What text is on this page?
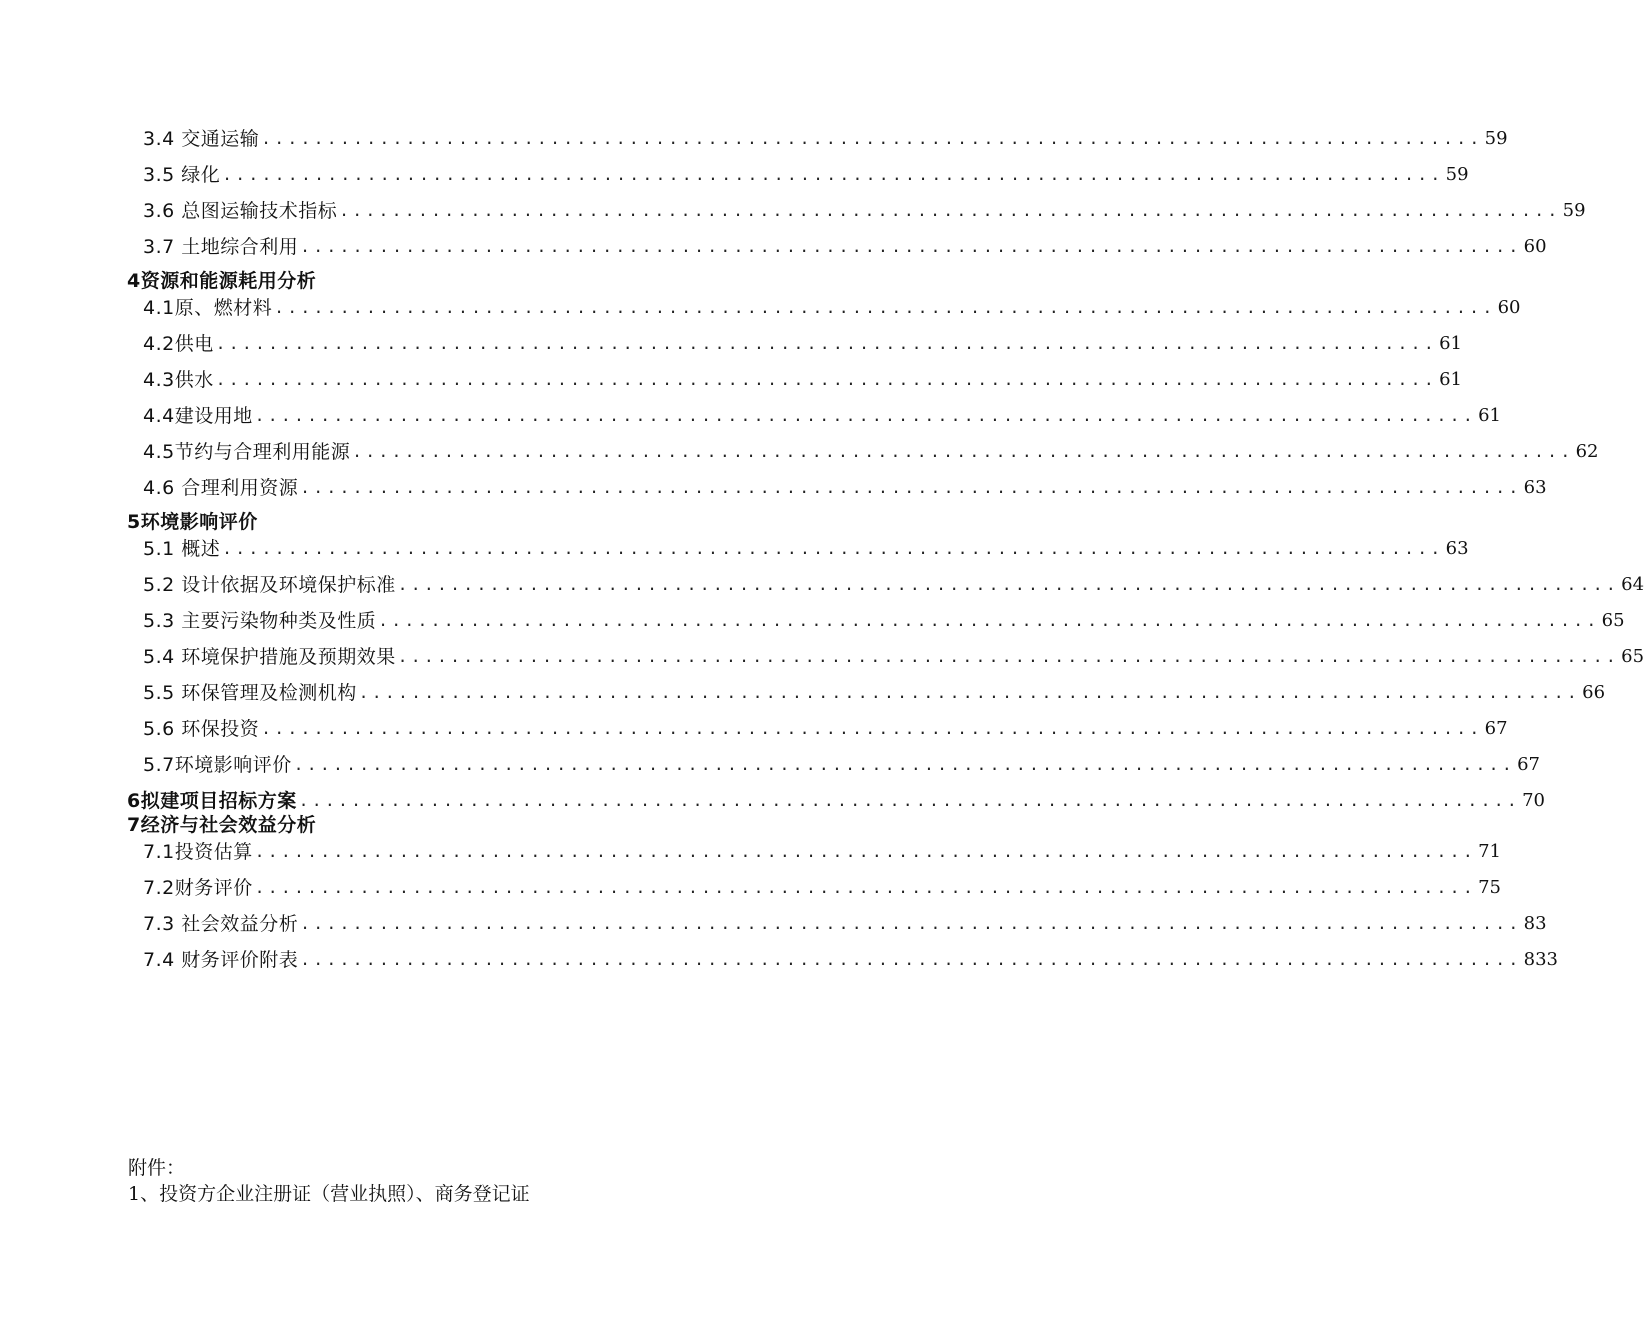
3.4 交通运输 ............................................................................................. 59
3.5 绿化 ............................................................................................. 59
3.6 总图运输技术指标 ............................................................................................. 59
3.7 土地综合利用 ............................................................................................. 60
4资源和能源耗用分析
4.1原、燃材料 ............................................................................................. 60
4.2供电 ............................................................................................. 61
4.3供水 ............................................................................................. 61
4.4建设用地 ............................................................................................. 61
4.5节约与合理利用能源 ............................................................................................. 62
4.6 合理利用资源 ............................................................................................. 63
5环境影响评价
5.1 概述 ............................................................................................. 63
5.2 设计依据及环境保护标准 ............................................................................................. 64
5.3 主要污染物种类及性质 ............................................................................................. 65
5.4 环境保护措施及预期效果 ............................................................................................. 65
5.5 环保管理及检测机构 ............................................................................................. 66
5.6 环保投资 ............................................................................................. 67
5.7环境影响评价 ............................................................................................. 67
6拟建项目招标方案 ............................................................................................. 70
7经济与社会效益分析
7.1投资估算 ............................................................................................. 71
7.2财务评价 ............................................................................................. 75
7.3 社会效益分析 ............................................................................................. 83
7.4 财务评价附表 ............................................................................................. 833
附件：
1、投资方企业注册证（营业执照）、商务登记证
